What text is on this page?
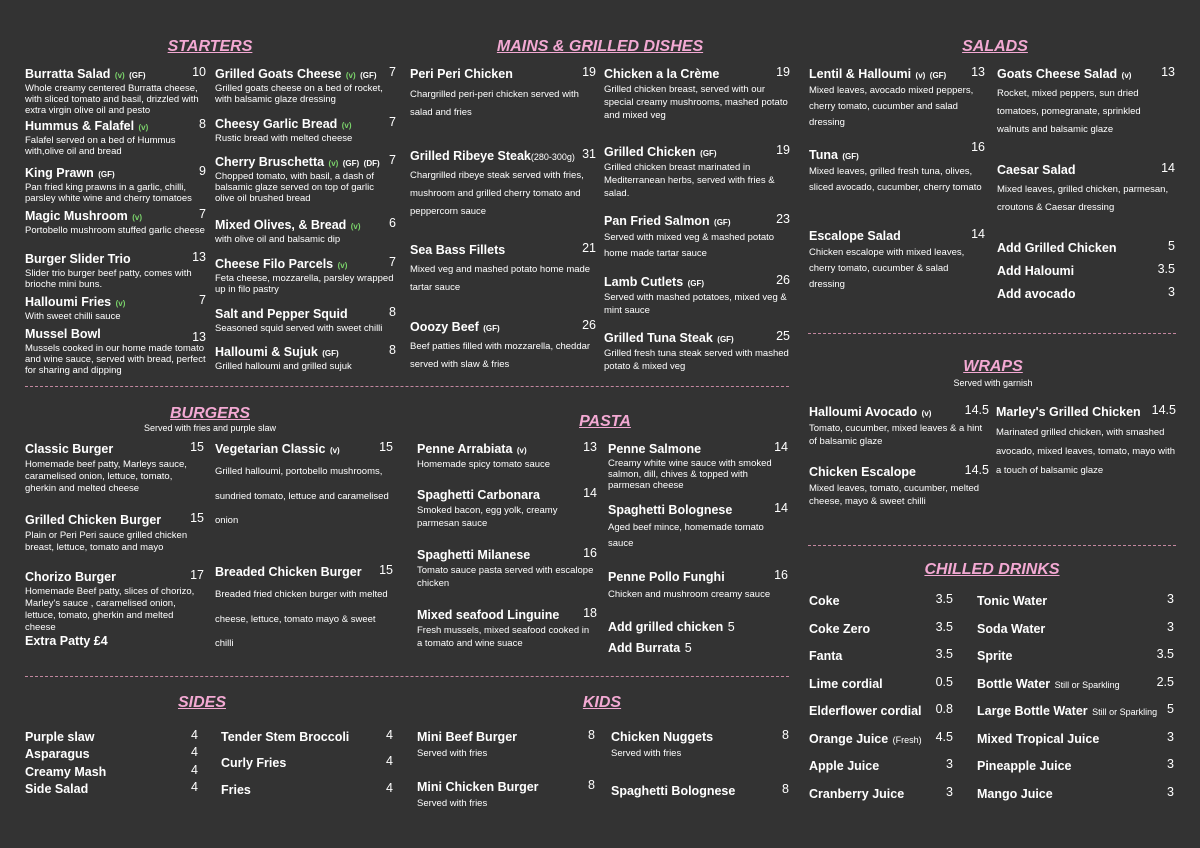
STARTERS	MAINS & GRILLED DISHES	SALADS
BURGERS
Served with fries and purple slaw	PASTA
WRAPS
Served with garnish
SIDES	KIDS
CHILLED DRINKS
Burratta Salad (v) (GF)	10
Whole creamy centered Burratta cheese, with sliced tomato and basil, drizzled with extra virgin olive oil and pesto
Hummus & Falafel (v)	8
Falafel served on a bed of Hummus with,olive oil and bread
King Prawn (GF)	9
Pan fried king prawns in a garlic, chilli, parsley white wine and cherry tomatoes
Magic Mushroom (v)	7
Portobello mushroom stuffed garlic cheese
Burger Slider Trio	13
Slider trio burger beef patty, comes with brioche mini buns.
Halloumi Fries (v)	7
With sweet chilli sauce
Mussel Bowl	13
Mussels cooked in our home made tomato and wine sauce, served with bread, perfect for sharing and dipping
Grilled Goats Cheese (v) (GF) 7
Grilled goats cheese on a bed of rocket, with balsamic glaze dressing
Cheesy Garlic Bread (v)	7
Rustic bread with melted cheese
Cherry Bruschetta (v) (GF) (DF) 7
Chopped tomato, with basil, a dash of balsamic glaze served on top of garlic olive oil brushed bread
Mixed Olives, & Bread (v) 6
with olive oil and balsamic dip
Cheese Filo Parcels (v)	7
Feta cheese, mozzarella, parsley wrapped up in filo pastry
Salt and Pepper Squid	8
Seasoned squid served with sweet chilli
Halloumi & Sujuk (GF)	8
Grilled halloumi and grilled sujuk
Peri Peri Chicken	19
Chargrilled peri-peri chicken served with salad and fries
Grilled Ribeye Steak(280-300g) 31
Chargrilled ribeye steak served with fries, mushroom and grilled cherry tomato and peppercorn sauce
Sea Bass Fillets	21
Mixed veg and mashed potato home made tartar sauce
Ooozy Beef (GF)	26
Beef patties filled with mozzarella, cheddar served with slaw & fries
Chicken a la Crème	19
Grilled chicken breast, served with our special creamy mushrooms, mashed potato and mixed veg
Grilled Chicken (GF)	19
Grilled chicken breast marinated in Mediterranean herbs, served with fries & salad.
Pan Fried Salmon (GF)	23
Served with mixed veg & mashed potato home made tartar sauce
Lamb Cutlets (GF)	26
Served with mashed potatoes, mixed veg & mint sauce
Grilled Tuna Steak (GF)	25
Grilled fresh tuna steak served with mashed potato & mixed veg
Lentil & Halloumi (v) (GF) 13
Mixed leaves, avocado mixed peppers, cherry tomato, cucumber and salad dressing
Tuna (GF)
16
Mixed leaves, grilled fresh tuna, olives, sliced avocado, cucumber, cherry tomato
Escalope Salad	14
Chicken escalope with mixed leaves, cherry tomato, cucumber & salad dressing
Goats Cheese Salad (v) 13
Rocket, mixed peppers, sun dried tomatoes, pomegranate, sprinkled walnuts and balsamic glaze
Caesar Salad	14
Mixed leaves, grilled chicken, parmesan, croutons & Caesar dressing
Add Grilled Chicken	5
Add Haloumi	3.5
Add avocado	3
Classic Burger	15
Homemade beef patty, Marleys sauce, caramelised onion, lettuce, tomato, gherkin and melted cheese
Grilled Chicken Burger 15
Plain or Peri Peri sauce grilled chicken breast, lettuce, tomato and mayo
Chorizo Burger	17
Homemade Beef patty, slices of chorizo, Marley's sauce , caramelised onion, lettuce, tomato, gherkin and melted cheese
Extra Patty £4
Vegetarian Classic (v)	15
Grilled halloumi, portobello mushrooms, sundried tomato, lettuce and caramelised onion
Breaded Chicken Burger 15
Breaded fried chicken burger with melted cheese, lettuce, tomato mayo & sweet chilli
Penne Arrabiata (v)	13
Homemade spicy tomato sauce
Spaghetti Carbonara	14
Smoked bacon, egg yolk, creamy parmesan sauce
Spaghetti Milanese	16
Tomato sauce pasta served with escalope chicken
Mixed seafood Linguine 18
Fresh mussels, mixed seafood cooked in a tomato and wine suace
Penne Salmone	14
Creamy white wine sauce with smoked salmon, dill, chives & topped with parmesan cheese
Spaghetti Bolognese	14
Aged beef mince, homemade tomato sauce
Penne Pollo Funghi	16
Chicken and mushroom creamy sauce
Add grilled chicken 5
Add Burrata 5
Halloumi Avocado (v)	14.5
Tomato, cucumber, mixed leaves & a hint of balsamic glaze
Chicken Escalope	14.5
Mixed leaves, tomato, cucumber, melted cheese, mayo & sweet chilli
Marley's Grilled Chicken 14.5
Marinated grilled chicken, with smashed avocado, mixed leaves, tomato, mayo with a touch of balsamic glaze
Purple slaw	4
Asparagus	4
Creamy Mash	4
Side Salad	4
Tender Stem Broccoli	4
Curly Fries	4
Fries	4
Mini Beef Burger	8
Served with fries
Mini Chicken Burger	8
Served with fries
Chicken Nuggets	8
Served with fries
Spaghetti Bolognese	8
Coke	3.5
Coke Zero	3.5
Fanta	3.5
Lime cordial	0.5
Elderflower cordial 0.8
Orange Juice (Fresh) 4.5
Apple Juice	3
Cranberry Juice	3
Tonic Water	3
Soda Water	3
Sprite	3.5
Bottle Water Still or Sparkling	2.5
Large Bottle Water Still or Sparkling 5
Mixed Tropical Juice	3
Pineapple Juice	3
Mango Juice	3
